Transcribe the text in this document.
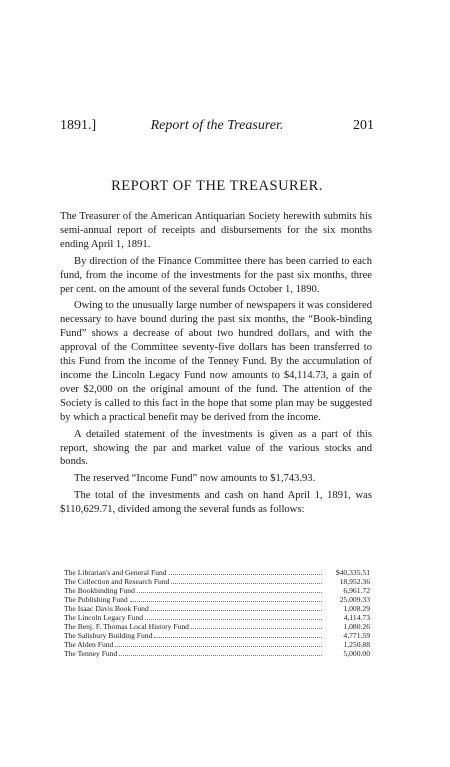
1891.]	Report of the Treasurer.	201
REPORT OF THE TREASURER.

The Treasurer of the American Antiquarian Society herewith submits his semi-annual report of receipts and disbursements for the six months ending April 1, 1891.

By direction of the Finance Committee there has been carried to each fund, from the income of the investments for the past six months, three per cent. on the amount of the several funds October 1, 1890.

Owing to the unusually large number of newspapers it was considered necessary to have bound during the past six months, the “Book-binding Fund” shows a decrease of about two hundred dollars, and with the approval of the Committee seventy-five dollars has been transferred to this Fund from the income of the Tenney Fund. By the accumulation of income the Lincoln Legacy Fund now amounts to $4,114.73, a gain of over $2,000 on the original amount of the fund. The attention of the Society is called to this fact in the hope that some plan may be suggested by which a practical benefit may be derived from the income.

A detailed statement of the investments is given as a part of this report, showing the par and market value of the various stocks and bonds.

The reserved “Income Fund” now amounts to $1,743.93.

The total of the investments and cash on hand April 1, 1891, was $110,629.71, divided among the several funds as follows:

The Librarian's and General Fund	$40,335.51
The Collection and Research Fund	18,952.36
The Bookbinding Fund	6,961.72
The Publishing Fund	25,009.33
The Isaac Davis Book Fund	1,008.29
The Lincoln Legacy Fund	4,114.73
The Benj. F. Thomas Local History Fund	1,080.26
The Salisbury Building Fund	4,771.59
The Alden Fund	1,250.88
The Tenney Fund	5,000.00
